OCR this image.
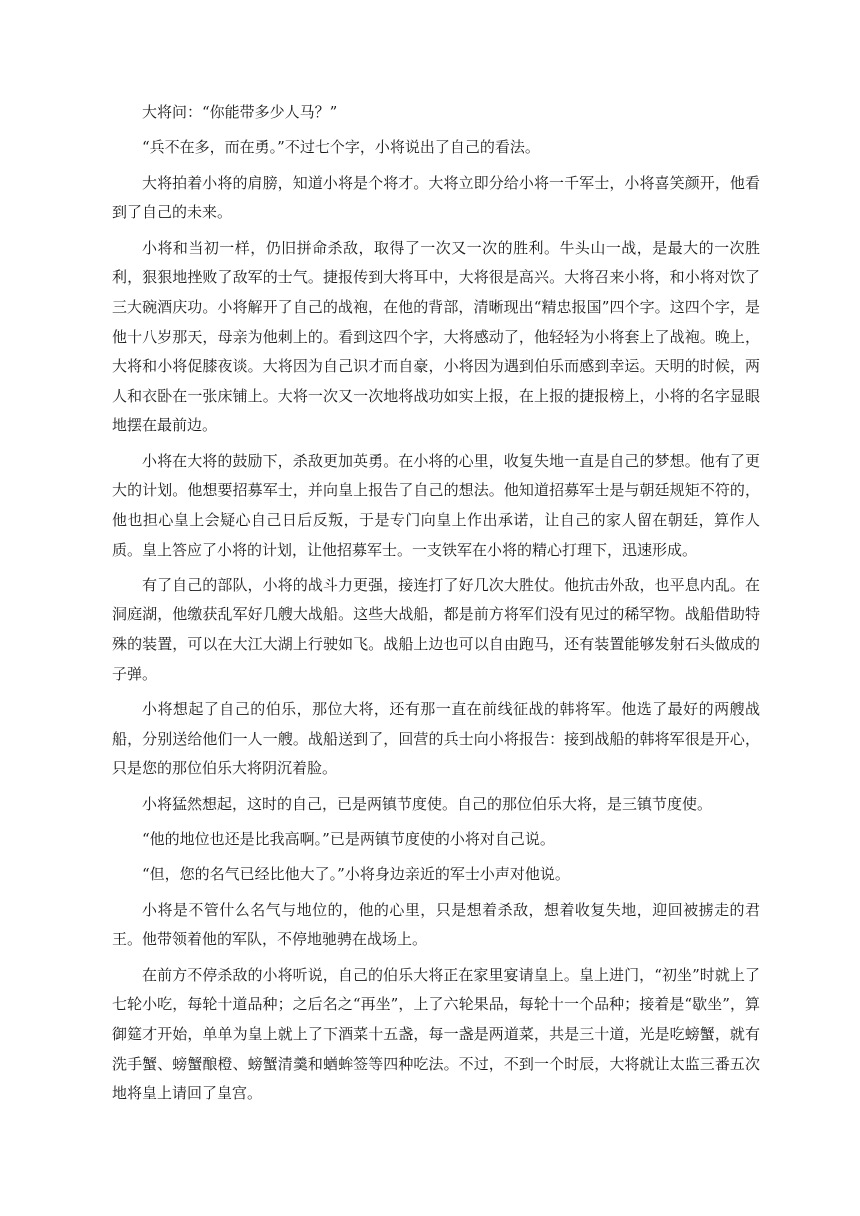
大将问：“你能带多少人马？”

“兵不在多，而在勇。”不过七个字，小将说出了自己的看法。

大将拍着小将的肩膀，知道小将是个将才。大将立即分给小将一千军士，小将喜笑颜开，他看到了自己的未来。

小将和当初一样，仍旧拼命杀敌，取得了一次又一次的胜利。牛头山一战，是最大的一次胜利，狠狠地挫败了敌军的士气。捷报传到大将耳中，大将很是高兴。大将召来小将，和小将对饮了三大碗酒庆功。小将解开了自己的战袍，在他的背部，清晰现出“精忠报国”四个字。这四个字，是他十八岁那天，母亲为他刺上的。看到这四个字，大将感动了，他轻轻为小将套上了战袍。晚上，大将和小将促膝夜谈。大将因为自己识才而自豪，小将因为遇到伯乐而感到幸运。天明的时候，两人和衣卧在一张床铺上。大将一次又一次地将战功如实上报，在上报的捷报榜上，小将的名字显眼地摆在最前边。

小将在大将的鼓励下，杀敌更加英勇。在小将的心里，收复失地一直是自己的梦想。他有了更大的计划。他想要招募军士，并向皇上报告了自己的想法。他知道招募军士是与朝廷规矩不符的，他也担心皇上会疑心自己日后反叛，于是专门向皇上作出承诺，让自己的家人留在朝廷，算作人质。皇上答应了小将的计划，让他招募军士。一支铁军在小将的精心打理下，迅速形成。

有了自己的部队，小将的战斗力更强，接连打了好几次大胜仗。他抗击外敌，也平息内乱。在洞庭湖，他缴获乱军好几艘大战船。这些大战船，都是前方将军们没有见过的稀罕物。战船借助特殊的装置，可以在大江大湖上行驶如飞。战船上边也可以自由跑马，还有装置能够发射石头做成的子弹。

小将想起了自己的伯乐，那位大将，还有那一直在前线征战的韩将军。他选了最好的两艘战船，分别送给他们一人一艘。战船送到了，回营的兵士向小将报告：接到战船的韩将军很是开心，只是您的那位伯乐大将阴沉着脸。

小将猛然想起，这时的自己，已是两镇节度使。自己的那位伯乐大将，是三镇节度使。

“他的地位也还是比我高啊。”已是两镇节度使的小将对自己说。

“但，您的名气已经比他大了。”小将身边亲近的军士小声对他说。

小将是不管什么名气与地位的，他的心里，只是想着杀敌，想着收复失地，迎回被掳走的君王。他带领着他的军队，不停地驰骋在战场上。

在前方不停杀敌的小将听说，自己的伯乐大将正在家里宴请皇上。皇上进门，“初坐”时就上了七轮小吃，每轮十道品种；之后名之“再坐”，上了六轮果品，每轮十一个品种；接着是“歇坐”，算御筵才开始，单单为皇上就上了下酒菜十五盏，每一盏是两道菜，共是三十道，光是吃螃蟹，就有洗手蟹、螃蟹酿橙、螃蟹清羹和蝤蛑签等四种吃法。不过，不到一个时辰，大将就让太监三番五次地将皇上请回了皇宫。
